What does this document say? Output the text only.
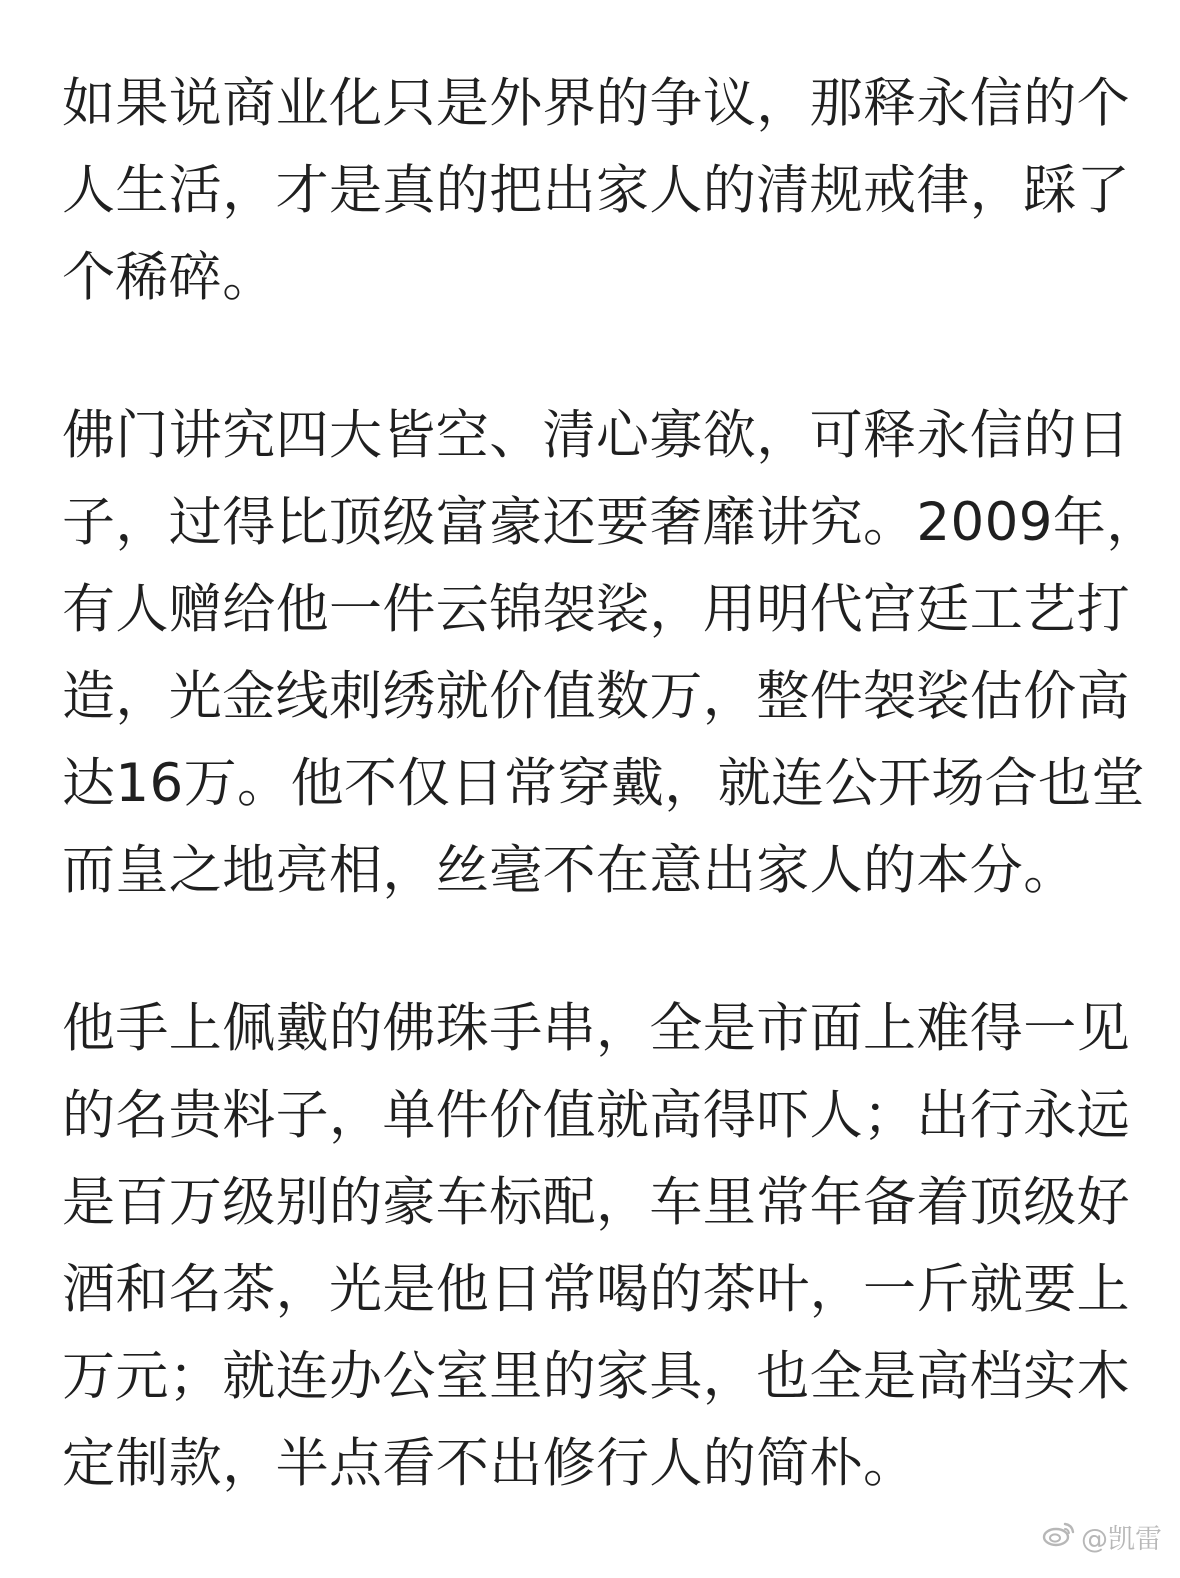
如果说商业化只是外界的争议，那释永信的个
人生活，才是真的把出家人的清规戒律，踩了
个稀碎。

佛门讲究四大皆空、清心寡欲，可释永信的日
子，过得比顶级富豪还要奢靡讲究。2009年，
有人赠给他一件云锦袈裟，用明代宫廷工艺打
造，光金线刺绣就价值数万，整件袈裟估价高
达16万。他不仅日常穿戴，就连公开场合也堂
而皇之地亮相，丝毫不在意出家人的本分。

他手上佩戴的佛珠手串，全是市面上难得一见
的名贵料子，单件价值就高得吓人；出行永远
是百万级别的豪车标配，车里常年备着顶级好
酒和名茶，光是他日常喝的茶叶，一斤就要上
万元；就连办公室里的家具，也全是高档实木
定制款，半点看不出修行人的简朴。

@凯雷
